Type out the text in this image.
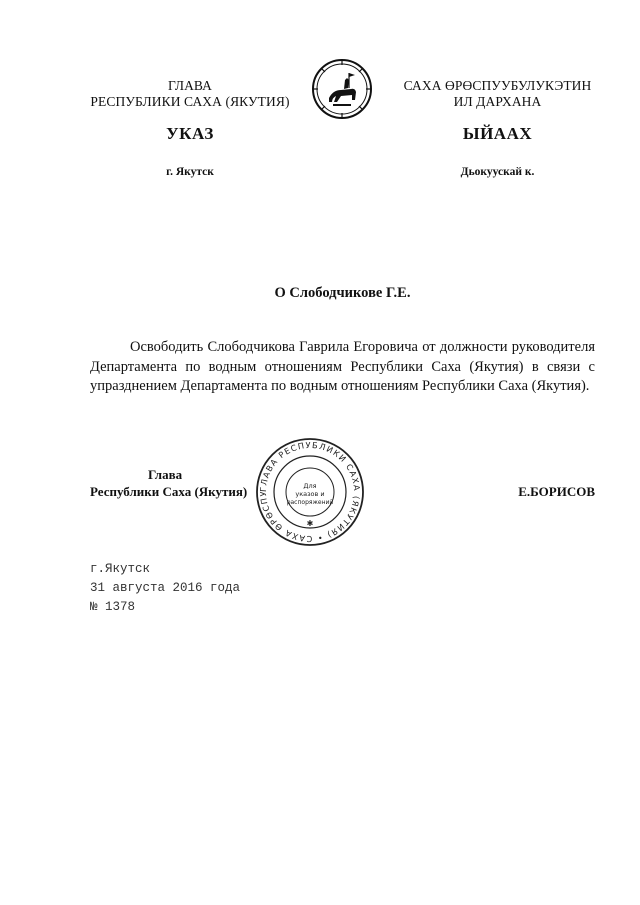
ГЛАВА
РЕСПУБЛИКИ САХА (ЯКУТИЯ)
САХА ӨРӨСПУУБУЛУКЭТИН
ИЛ ДАРХАНА
УКАЗ	ЫЙААХ
г. Якутск	Дьокуускай к.
О Слободчикове Г.Е.

Освободить Слободчикова Гаврила Егоровича от должности руководителя Департамента по водным отношениям Республики Саха (Якутия) в связи с упразднением Департамента по водным отношениям Республики Саха (Якутия).

Глава
Республики Саха (Якутия)	Е.БОРИСОВ
ГЛАВА РЕСПУБЛИКИ САХА (ЯКУТИЯ) • САХА ӨРӨСПУ
Для
указов и
распоряжений
✱
г.Якутск
31 августа 2016 года
№ 1378
